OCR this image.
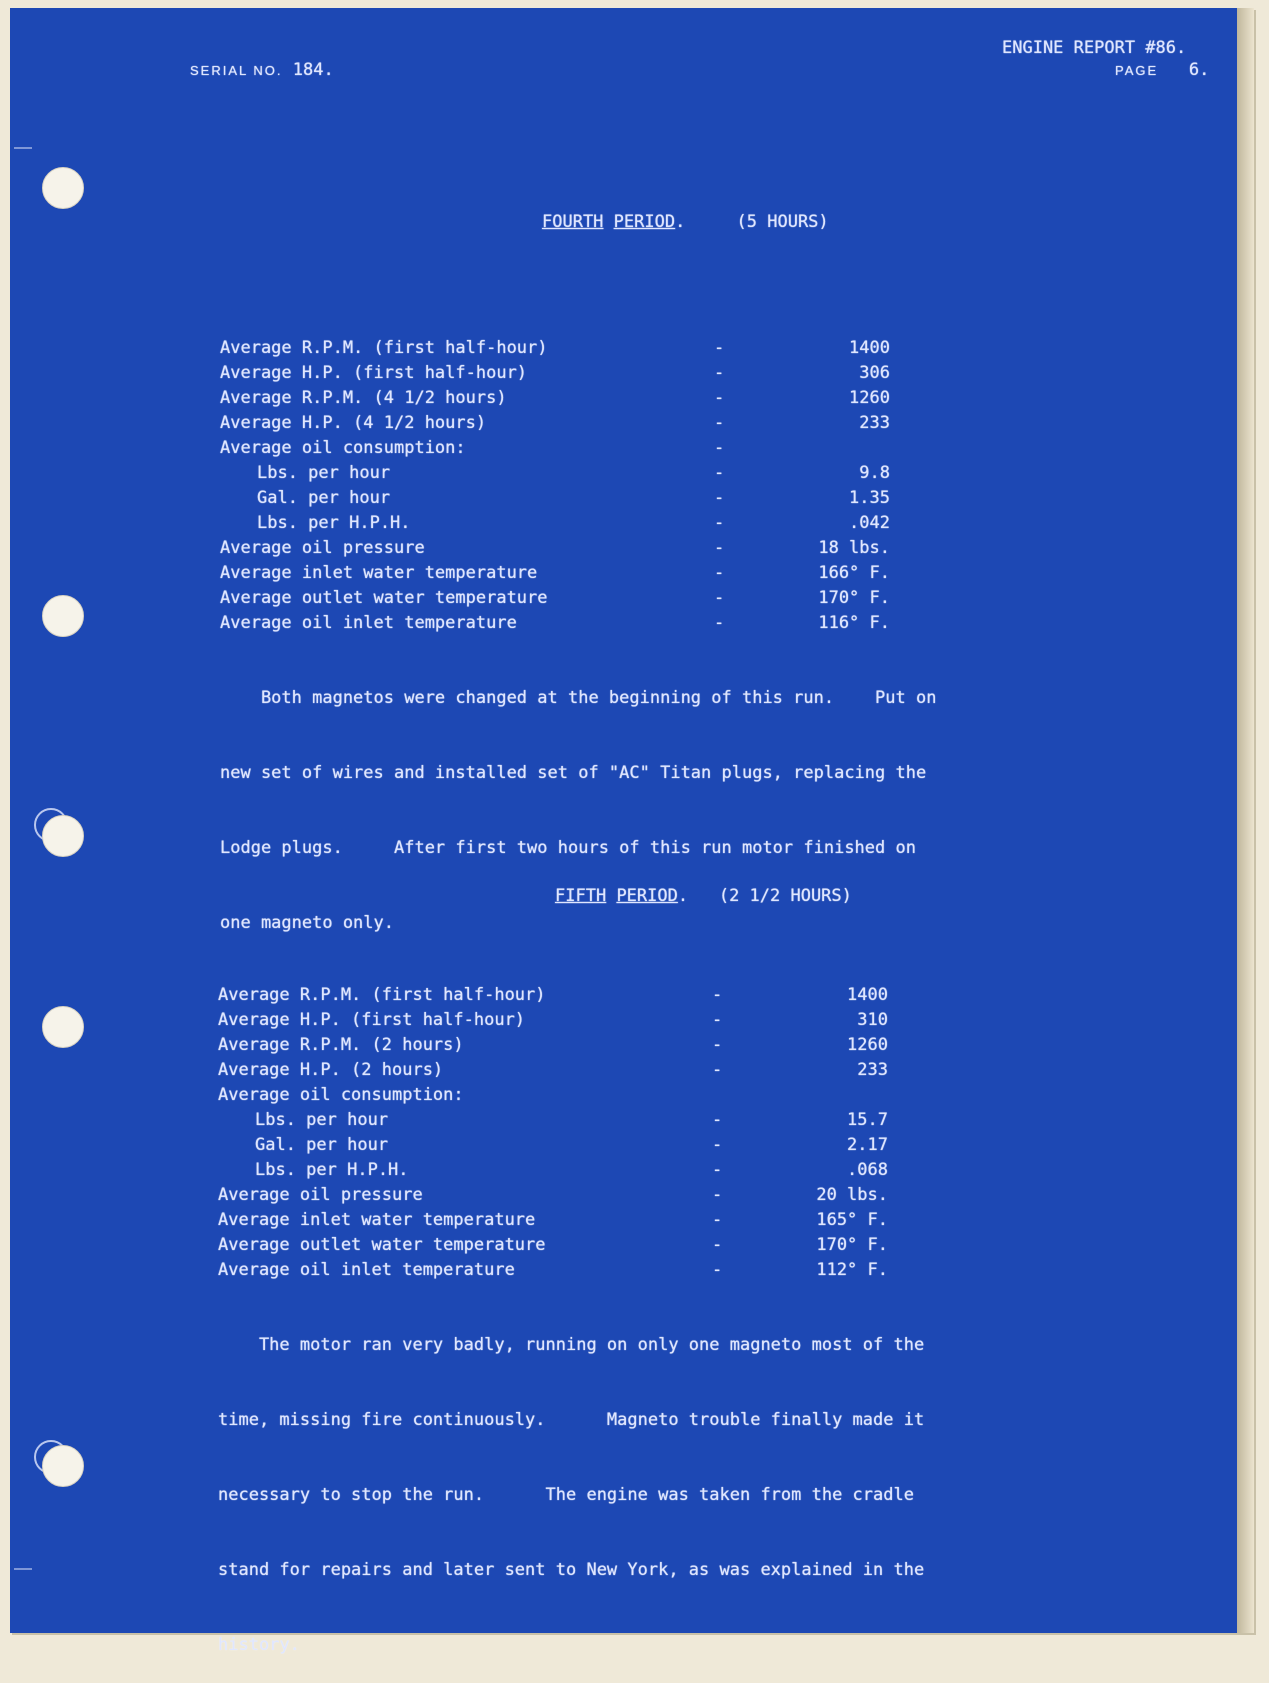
SERIAL NO. 184.
ENGINE REPORT #86.
PAGE 6.
FOURTH PERIOD.	(5 HOURS)
Average R.P.M. (first half-hour)	-	1400
Average H.P. (first half-hour)	-	306
Average R.P.M. (4 1/2 hours)	-	1260
Average H.P. (4 1/2 hours)	-	233
Average oil consumption:	-
Lbs. per hour	-	9.8
Gal. per hour	-	1.35
Lbs. per H.P.H.	-	.042
Average oil pressure	-	18 lbs.
Average inlet water temperature	-	166° F.
Average outlet water temperature	-	170° F.
Average oil inlet temperature	-	116° F.

Both magnetos were changed at the beginning of this run.    Put on

new set of wires and installed set of "AC" Titan plugs, replacing the

Lodge plugs.     After first two hours of this run motor finished on

one magneto only.

FIFTH PERIOD. (2 1/2 HOURS)
Average R.P.M. (first half-hour)	-	1400
Average H.P. (first half-hour)	-	310
Average R.P.M. (2 hours)	-	1260
Average H.P. (2 hours)	-	233
Average oil consumption:
Lbs. per hour	-	15.7
Gal. per hour	-	2.17
Lbs. per H.P.H.	-	.068
Average oil pressure	-	20 lbs.
Average inlet water temperature	-	165° F.
Average outlet water temperature	-	170° F.
Average oil inlet temperature	-	112° F.

The motor ran very badly, running on only one magneto most of the

time, missing fire continuously.      Magneto trouble finally made it

necessary to stop the run.      The engine was taken from the cradle

stand for repairs and later sent to New York, as was explained in the

history.
